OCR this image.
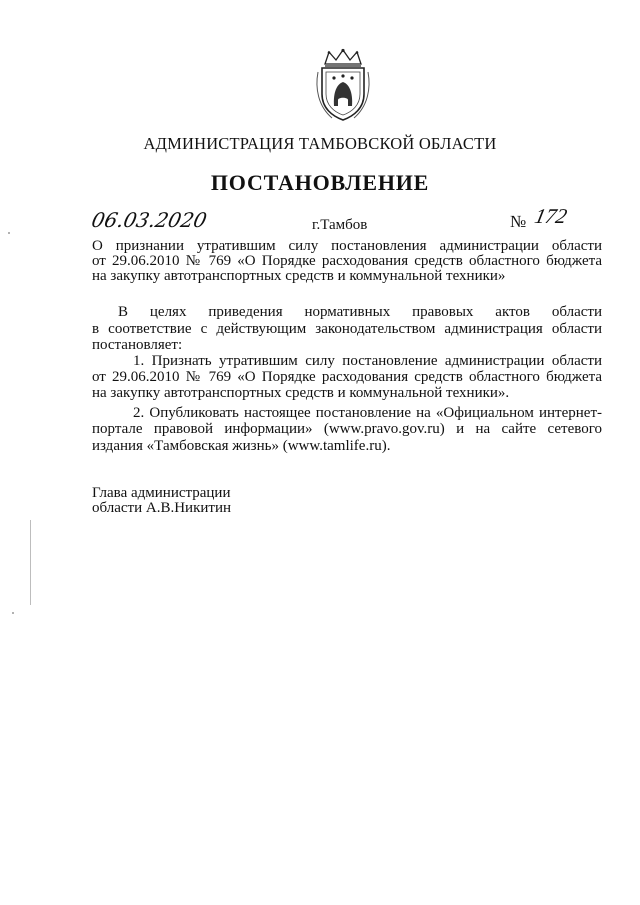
АДМИНИСТРАЦИЯ ТАМБОВСКОЙ ОБЛАСТИ
ПОСТАНОВЛЕНИЕ
06.03.2020	г.Тамбов	№ 172
О признании утратившим силу постановления администрации области
от 29.06.2010 № 769 «О Порядке расходования средств областного бюджета
на закупку автотранспортных средств и коммунальной техники»
В целях приведения нормативных правовых актов области
в соответствие с действующим законодательством администрация области
постановляет:
1. Признать утратившим силу постановление администрации области
от 29.06.2010 № 769 «О Порядке расходования средств областного бюджета
на закупку автотранспортных средств и коммунальной техники».
2. Опубликовать настоящее постановление на «Официальном интернет-
портале правовой информации» (www.pravo.gov.ru) и на сайте сетевого
издания «Тамбовская жизнь» (www.tamlife.ru).
Глава администрации
области А.В.Никитин
